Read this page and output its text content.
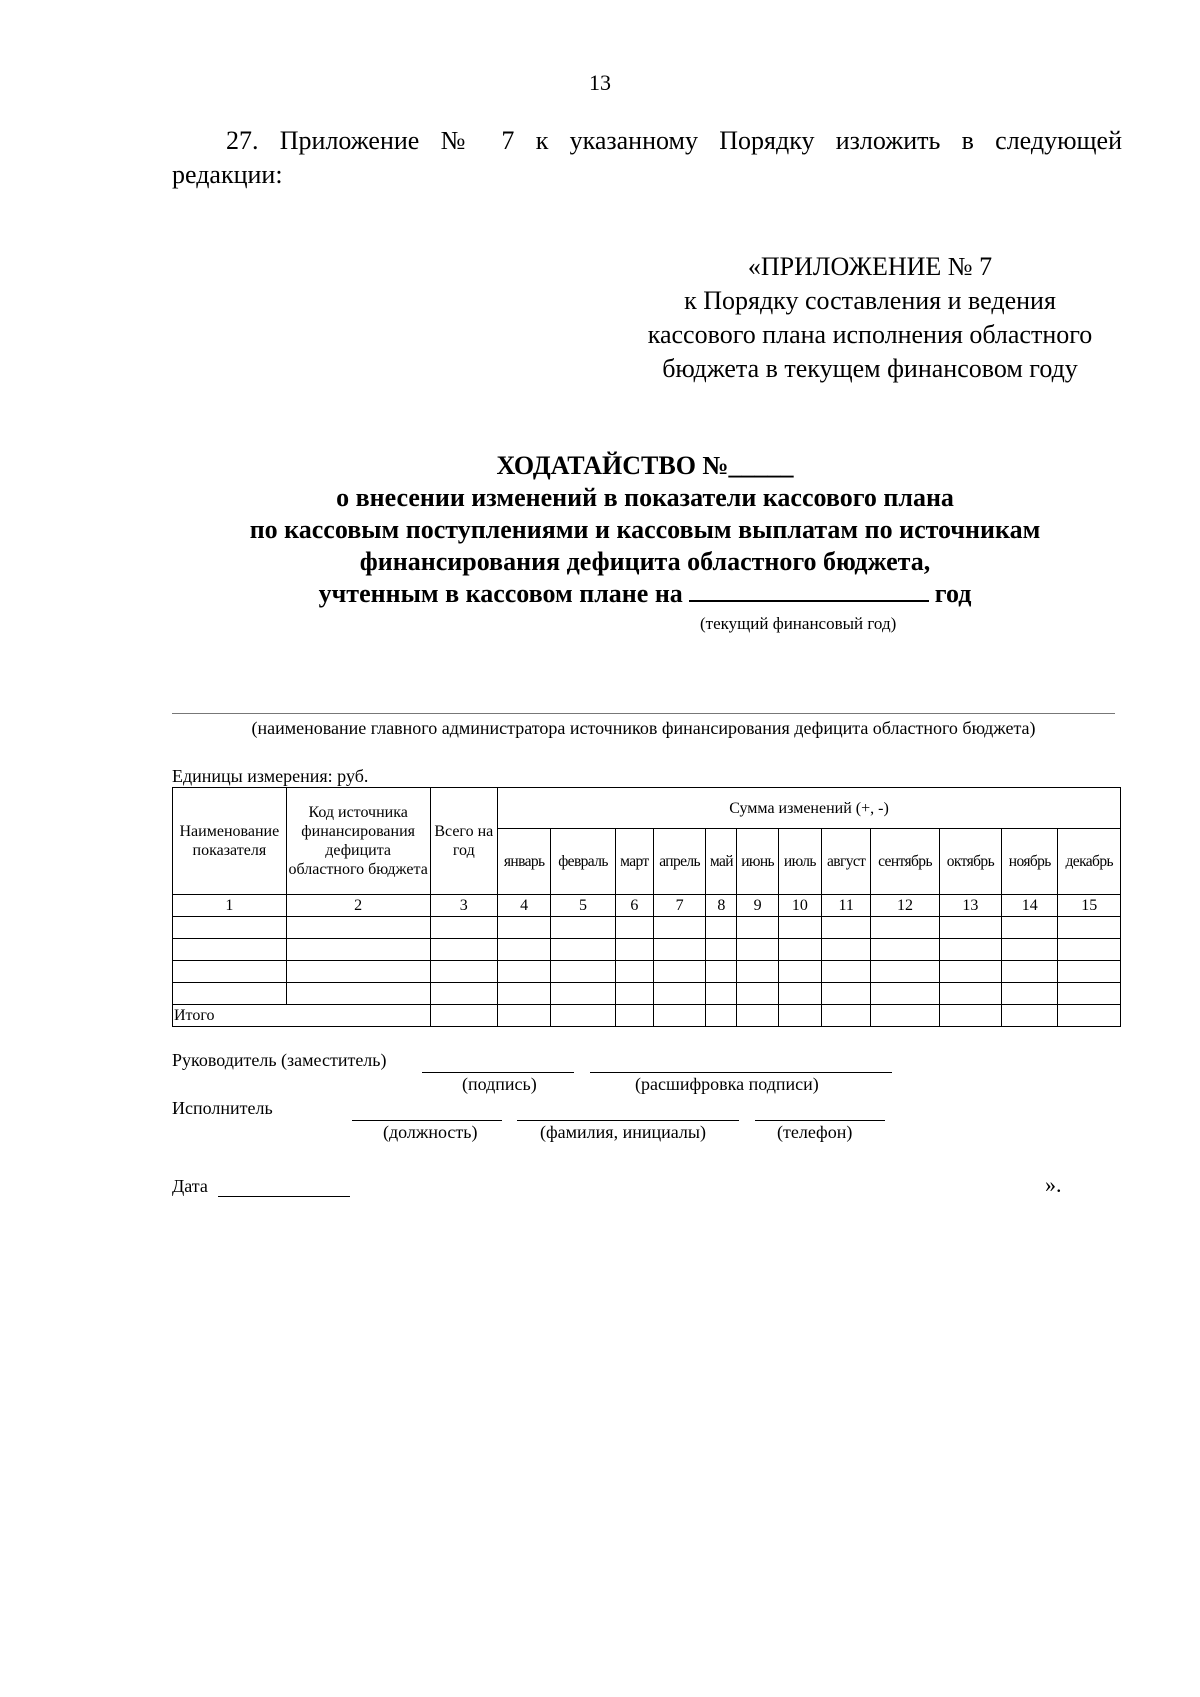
13
27. Приложение № 7 к указанному Порядку изложить в следующей
редакции:
«ПРИЛОЖЕНИЕ № 7
к Порядку составления и ведения
кассового плана исполнения областного
бюджета в текущем финансовом году
ХОДАТАЙСТВО №_____
о внесении изменений в показатели кассового плана
по кассовым поступлениями и кассовым выплатам по источникам
финансирования дефицита областного бюджета,
учтенным в кассовом плане на	год
(текущий финансовый год)
(наименование главного администратора источников финансирования дефицита областного бюджета)
Единицы измерения: руб.
Наименование показателя	Код источника финансирования дефицита областного бюджета	Всего на год	Сумма изменений (+, -)											
			январь	февраль	март	апрель	май	июнь	июль	август	сентябрь	октябрь	ноябрь	декабрь
1	2	3	4	5	6	7	8	9	10	11	12	13	14	15

Итого														
Руководитель (заместитель)
(подпись)	(расшифровка подписи)
Исполнитель
(должность)	(фамилия, инициалы)	(телефон)
Дата	».
